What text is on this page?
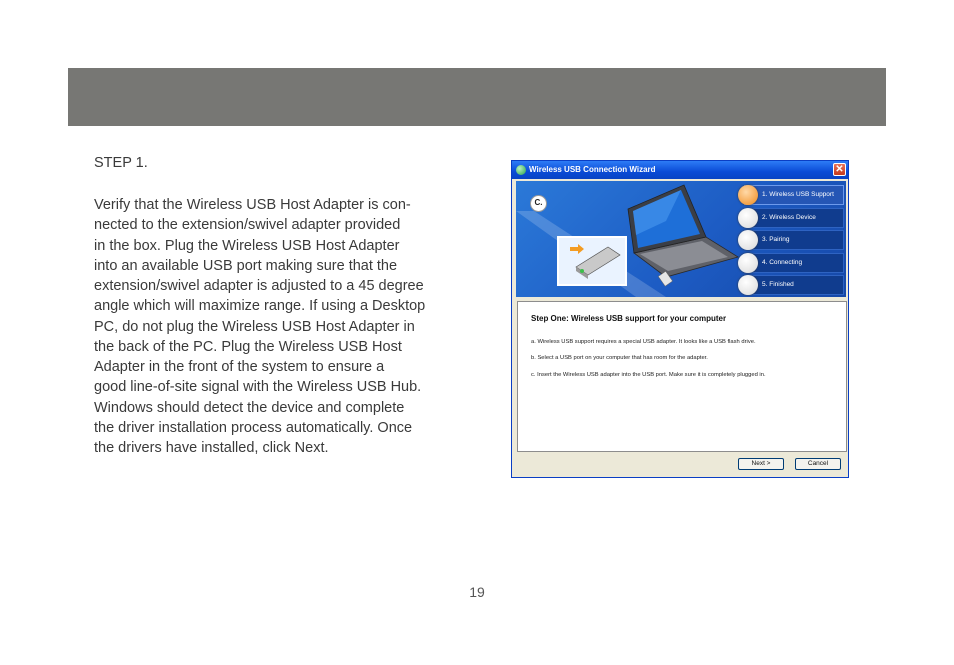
STEP 1.
Verify that the Wireless USB Host Adapter is con-
nected to the extension/swivel adapter provided
in the box. Plug the Wireless USB Host Adapter
into an available USB port making sure that the
extension/swivel adapter is adjusted to a 45 degree
angle which will maximize range. If using a Desktop
PC, do not plug the Wireless USB Host Adapter in
the back of the PC. Plug the Wireless USB Host
Adapter in the front of the system to ensure a
good line-of-site signal with the Wireless USB Hub.
Windows should detect the device and complete
the driver installation process automatically. Once
the drivers have installed, click Next.
Wireless USB Connection Wizard	✕
C.
1. Wireless USB Support
2. Wireless Device
3. Pairing
4. Connecting
5. Finished
Step One: Wireless USB support for your computer
a. Wireless USB support requires a special USB adapter. It looks like a USB flash drive.
b. Select a USB port on your computer that has room for the adapter.
c. Insert the Wireless USB adapter into the USB port. Make sure it is completely plugged in.
Next >	Cancel
19
